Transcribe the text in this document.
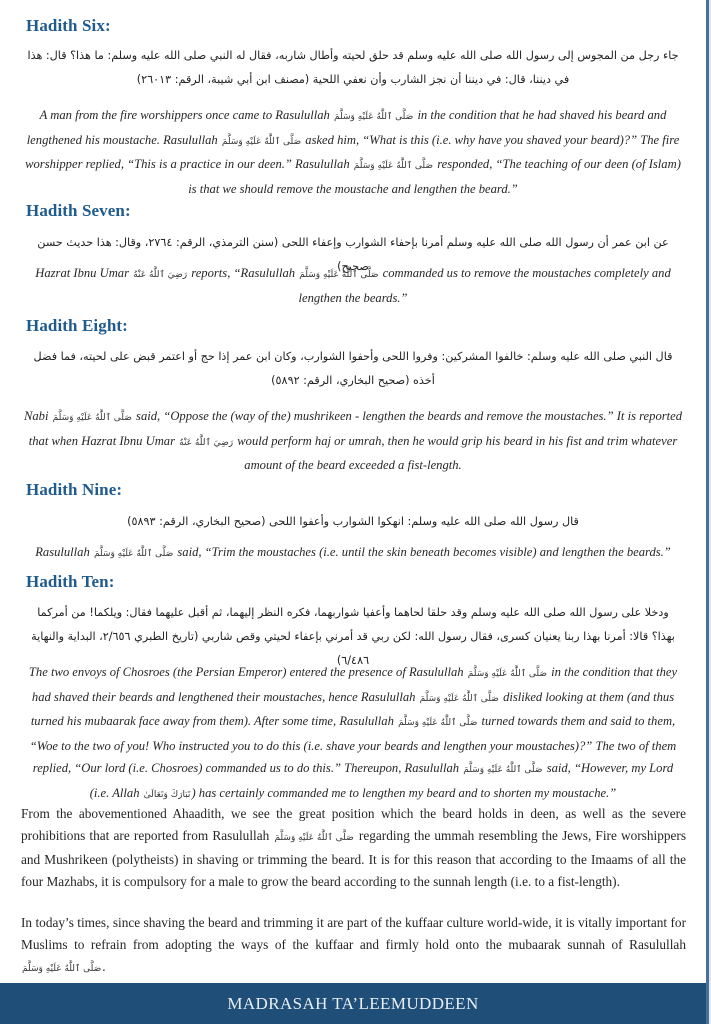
Hadith Six:
جاء رجل من المجوس إلى رسول الله صلى الله عليه وسلم قد حلق لحيته وأطال شاربه، فقال له النبي صلى الله عليه وسلم: ما هذا؟ قال: هذا في ديننا، قال: في ديننا أن نجز الشارب وأن نعفي اللحية (مصنف ابن أبي شيبة، الرقم: ٢٦٠١٣)
A man from the fire worshippers once came to Rasulullah صَلَّى ٱللَّٰهُ عَلَيْهِ وَسَلَّمَ in the condition that he had shaved his beard and lengthened his moustache. Rasulullah صَلَّى ٱللَّٰهُ عَلَيْهِ وَسَلَّمَ asked him, “What is this (i.e. why have you shaved your beard)?” The fire worshipper replied, “This is a practice in our deen.” Rasulullah صَلَّى ٱللَّٰهُ عَلَيْهِ وَسَلَّمَ responded, “The teaching of our deen (of Islam) is that we should remove the moustache and lengthen the beard.”
Hadith Seven:
عن ابن عمر أن رسول الله صلى الله عليه وسلم أمرنا بإحفاء الشوارب وإعفاء اللحى (سنن الترمذي، الرقم: ٢٧٦٤، وقال: هذا حديث حسن صحيح)
Hazrat Ibnu Umar رَضِيَ ٱللَّٰهُ عَنْهُ reports, “Rasulullah صَلَّى ٱللَّٰهُ عَلَيْهِ وَسَلَّمَ commanded us to remove the moustaches completely and lengthen the beards.”
Hadith Eight:
قال النبي صلى الله عليه وسلم: خالفوا المشركين: وفروا اللحى وأحفوا الشوارب، وكان ابن عمر إذا حج أو اعتمر قبض على لحيته، فما فضل أخذه (صحيح البخاري، الرقم: ٥٨٩٢)
Nabi صَلَّى ٱللَّٰهُ عَلَيْهِ وَسَلَّمَ said, “Oppose the (way of the) mushrikeen - lengthen the beards and remove the moustaches.” It is reported that when Hazrat Ibnu Umar رَضِيَ ٱللَّٰهُ عَنْهُ would perform haj or umrah, then he would grip his beard in his fist and trim whatever amount of the beard exceeded a fist-length.
Hadith Nine:
قال رسول الله صلى الله عليه وسلم: انهكوا الشوارب وأعفوا اللحى (صحيح البخاري، الرقم: ٥٨٩٣)
Rasulullah صَلَّى ٱللَّٰهُ عَلَيْهِ وَسَلَّمَ said, “Trim the moustaches (i.e. until the skin beneath becomes visible) and lengthen the beards.”
Hadith Ten:
ودخلا على رسول الله صلى الله عليه وسلم وقد حلقا لحاهما وأعفيا شواربهما، فكره النظر إليهما، ثم أقبل عليهما فقال: ويلكما! من أمركما بهذا؟ قالا: أمرنا بهذا ربنا يعنيان كسرى، فقال رسول الله: لكن ربي قد أمرني بإعفاء لحيتي وقص شاربي (تاريخ الطبري ٢/٦٥٦، البداية والنهاية ٦/٤٨٦)
The two envoys of Chosroes (the Persian Emperor) entered the presence of Rasulullah صَلَّى ٱللَّٰهُ عَلَيْهِ وَسَلَّمَ in the condition that they had shaved their beards and lengthened their moustaches, hence Rasulullah صَلَّى ٱللَّٰهُ عَلَيْهِ وَسَلَّمَ disliked looking at them (and thus turned his mubaarak face away from them). After some time, Rasulullah صَلَّى ٱللَّٰهُ عَلَيْهِ وَسَلَّمَ turned towards them and said to them, “Woe to the two of you! Who instructed you to do this (i.e. shave your beards and lengthen your moustaches)?” The two of them replied, “Our lord (i.e. Chosroes) commanded us to do this.” Thereupon, Rasulullah صَلَّى ٱللَّٰهُ عَلَيْهِ وَسَلَّمَ said, “However, my Lord (i.e. Allah تَبَارَكَ وَتَعَالَىٰ) has certainly commanded me to lengthen my beard and to shorten my moustache.”
From the abovementioned Ahaadith, we see the great position which the beard holds in deen, as well as the severe prohibitions that are reported from Rasulullah صَلَّى ٱللَّٰهُ عَلَيْهِ وَسَلَّمَ regarding the ummah resembling the Jews, Fire worshippers and Mushrikeen (polytheists) in shaving or trimming the beard. It is for this reason that according to the Imaams of all the four Mazhabs, it is compulsory for a male to grow the beard according to the sunnah length (i.e. to a fist-length).
In today’s times, since shaving the beard and trimming it are part of the kuffaar culture world-wide, it is vitally important for Muslims to refrain from adopting the ways of the kuffaar and firmly hold onto the mubaarak sunnah of Rasulullah صَلَّى ٱللَّٰهُ عَلَيْهِ وَسَلَّمَ.
MADRASAH TA’LEEMUDDEEN
